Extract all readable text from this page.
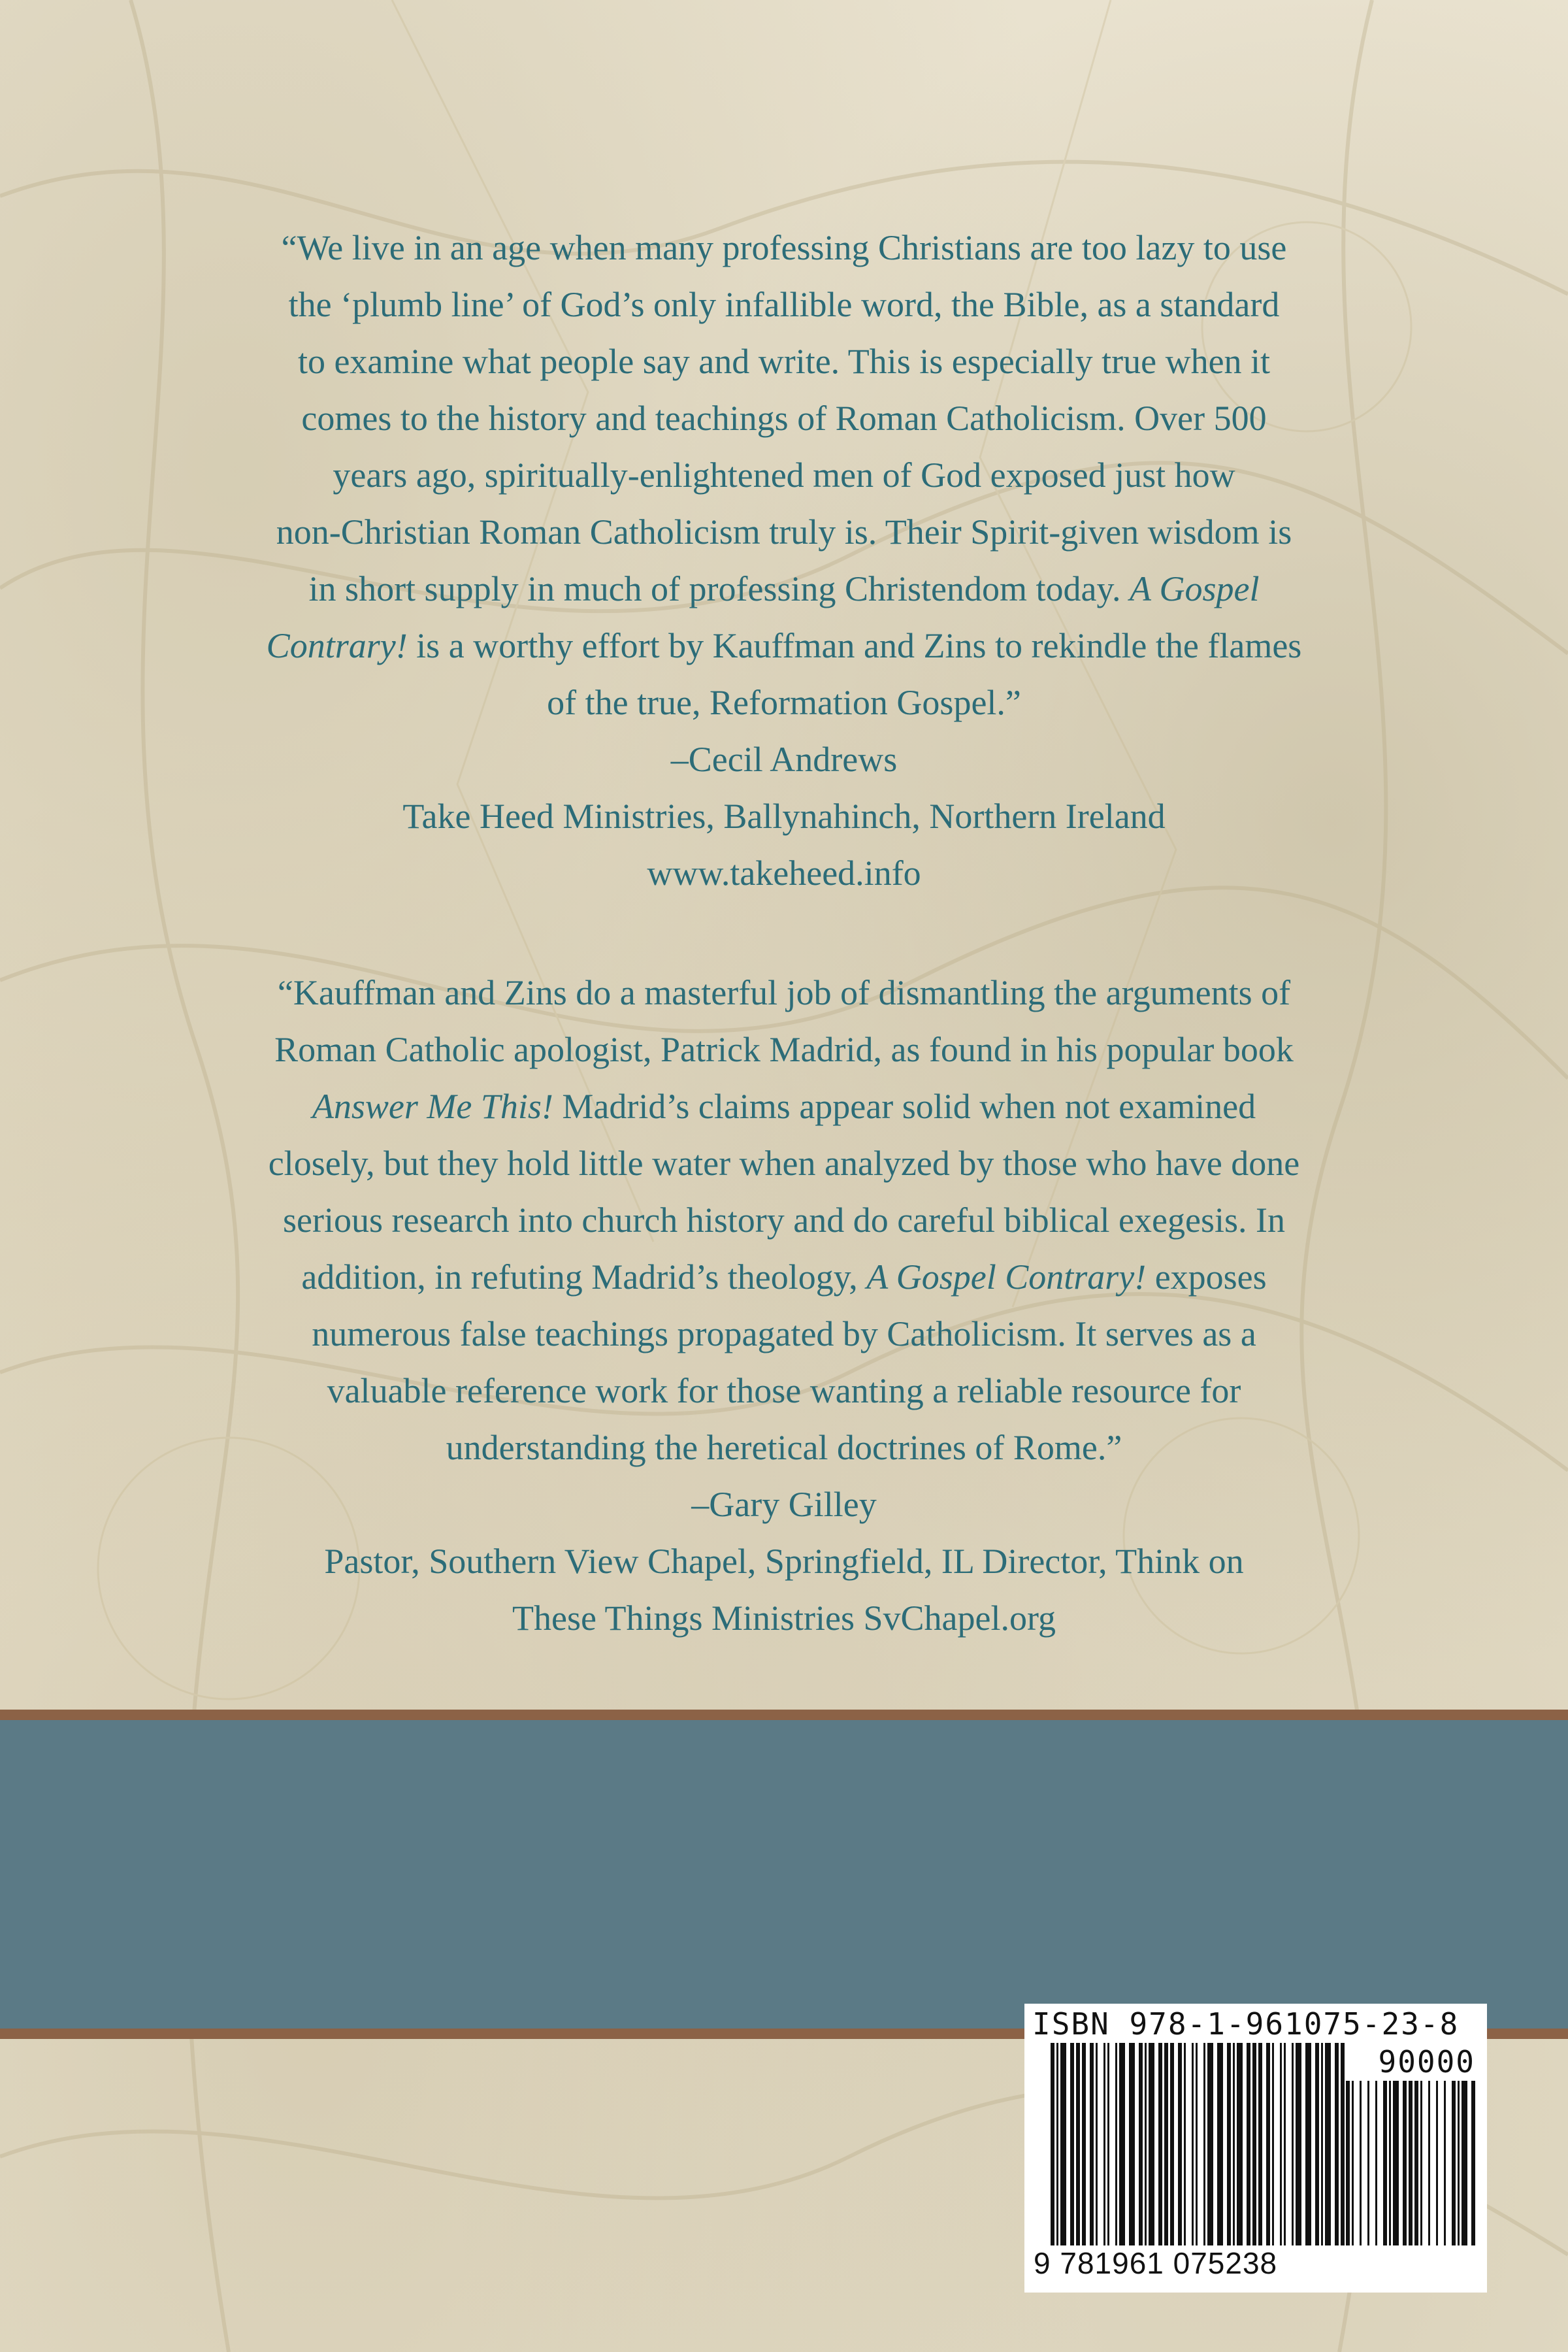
“We live in an age when many professing Christians are too lazy to use
the ‘plumb line’ of God’s only infallible word, the Bible, as a standard
to examine what people say and write. This is especially true when it
comes to the history and teachings of Roman Catholicism. Over 500
years ago, spiritually-enlightened men of God exposed just how
non-Christian Roman Catholicism truly is. Their Spirit-given wisdom is
in short supply in much of professing Christendom today. A Gospel
Contrary! is a worthy effort by Kauffman and Zins to rekindle the flames
of the true, Reformation Gospel.”
–Cecil Andrews
Take Heed Ministries, Ballynahinch, Northern Ireland
www.takeheed.info

“Kauffman and Zins do a masterful job of dismantling the arguments of
Roman Catholic apologist, Patrick Madrid, as found in his popular book
Answer Me This! Madrid’s claims appear solid when not examined
closely, but they hold little water when analyzed by those who have done
serious research into church history and do careful biblical exegesis. In
addition, in refuting Madrid’s theology, A Gospel Contrary! exposes
numerous false teachings propagated by Catholicism. It serves as a
valuable reference work for those wanting a reliable resource for
understanding the heretical doctrines of Rome.”
–Gary Gilley
Pastor, Southern View Chapel, Springfield, IL Director, Think on
These Things Ministries SvChapel.org

ISBN 978-1-961075-23-8
90000
9 781961 075238
